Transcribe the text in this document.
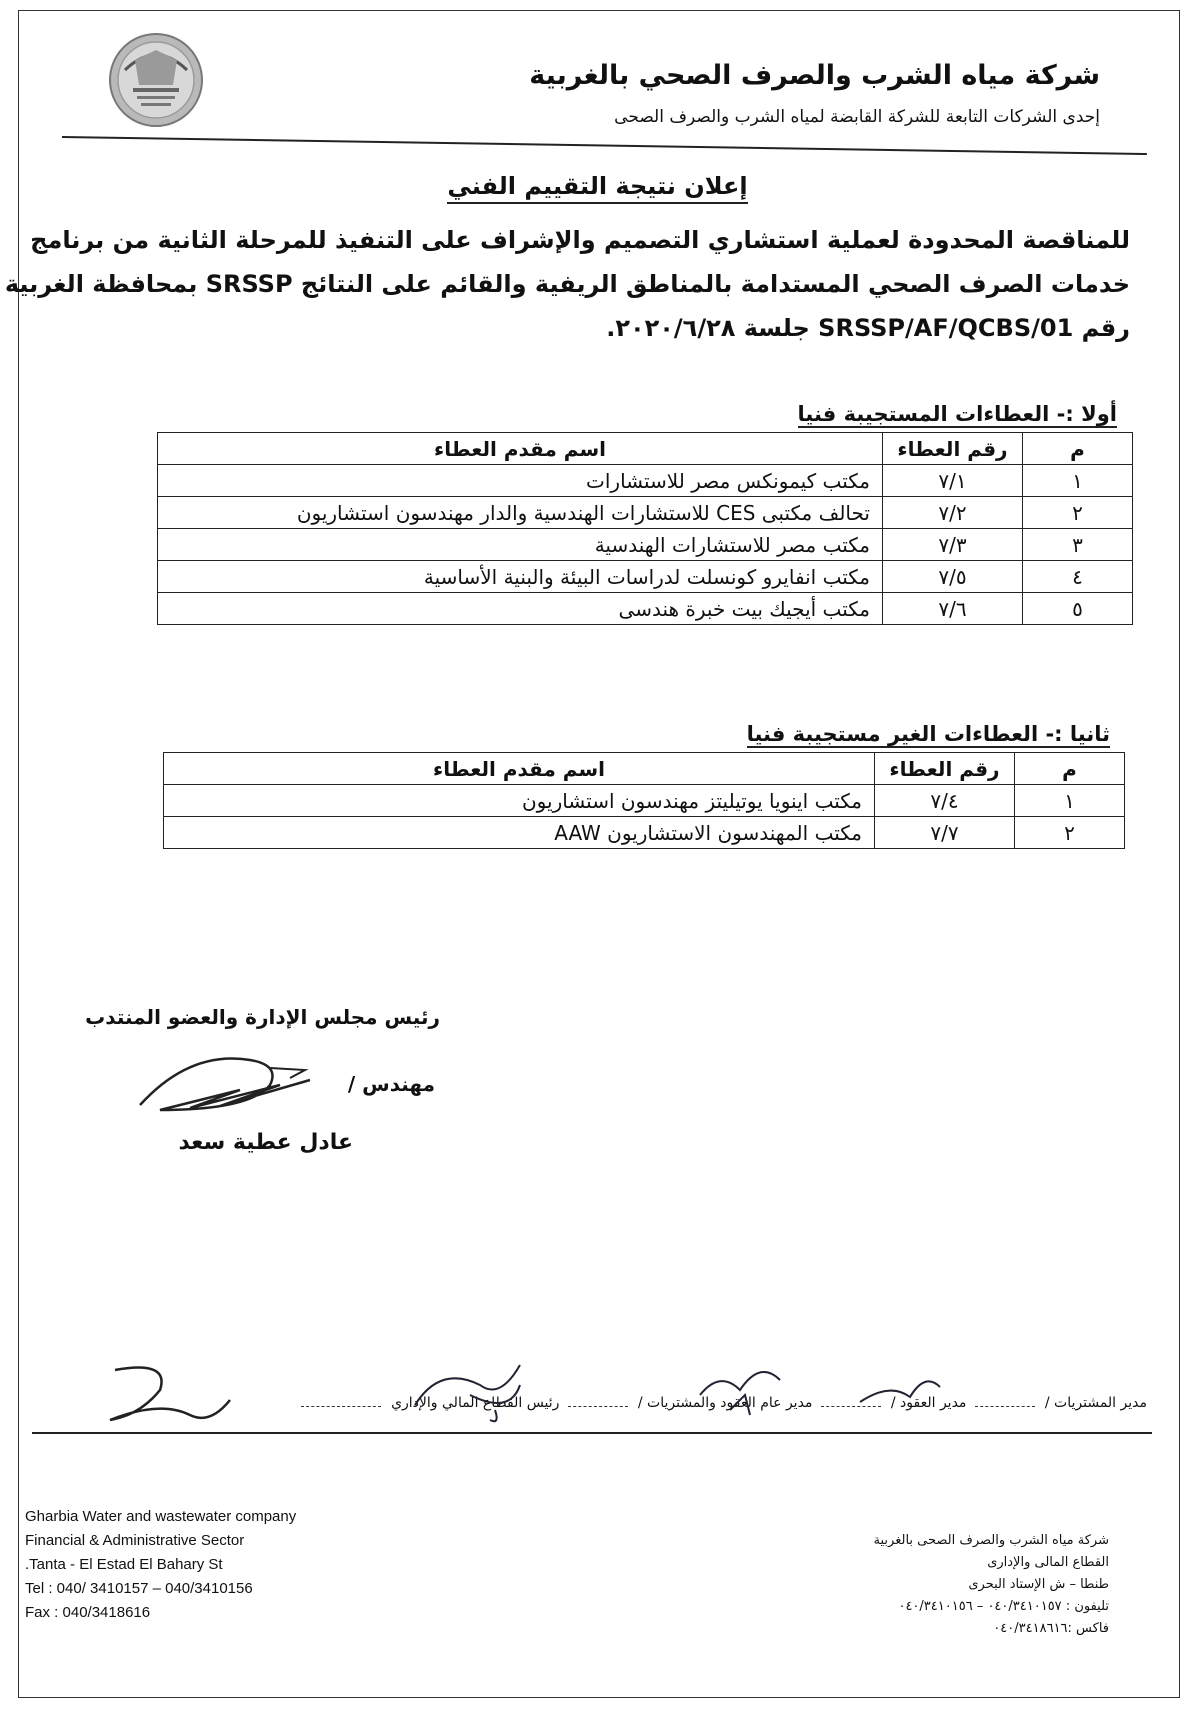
شركة مياه الشرب والصرف الصحي بالغربية
إحدى الشركات التابعة للشركة القابضة لمياه الشرب والصرف الصحى
إعلان نتيجة التقييم الفني
للمناقصة المحدودة لعملية استشاري التصميم والإشراف على التنفيذ للمرحلة الثانية من برنامج
خدمات الصرف الصحي المستدامة بالمناطق الريفية والقائم على النتائج SRSSP بمحافظة الغربية
رقم SRSSP/AF/QCBS/01 جلسة ٢٠٢٠/٦/٢٨.
أولا :- العطاءات المستجيبة فنيا
م	رقم العطاء	اسم مقدم العطاء
١	٧/١	مكتب كيمونكس مصر للاستشارات
٢	٧/٢	تحالف مكتبى CES للاستشارات الهندسية والدار مهندسون استشاريون
٣	٧/٣	مكتب مصر للاستشارات الهندسية
٤	٧/٥	مكتب انفايرو كونسلت لدراسات البيئة والبنية الأساسية
٥	٧/٦	مكتب أيجيك بيت خبرة هندسى
ثانيا :- العطاءات الغير مستجيبة فنيا
م	رقم العطاء	اسم مقدم العطاء
١	٧/٤	مكتب اينويا يوتيليتز مهندسون استشاريون
٢	٧/٧	مكتب المهندسون الاستشاريون AAW
رئيس مجلس الإدارة والعضو المنتدب
مهندس /
عادل عطية سعد
مدير المشتريات / مدير العقود / مدير عام العقود والمشتريات / رئيس القطاع المالي والإداري
Gharbia Water and wastewater company
Financial & Administrative Sector
.Tanta - El Estad El Bahary St
Tel : 040/ 3410157 – 040/3410156
Fax : 040/3418616
شركة مياه الشرب والصرف الصحى بالغربية
القطاع المالى والإدارى
طنطا – ش الإستاد البحرى
تليفون : ٠٤٠/٣٤١٠١٥٧ – ٠٤٠/٣٤١٠١٥٦
فاكس :٠٤٠/٣٤١٨٦١٦
